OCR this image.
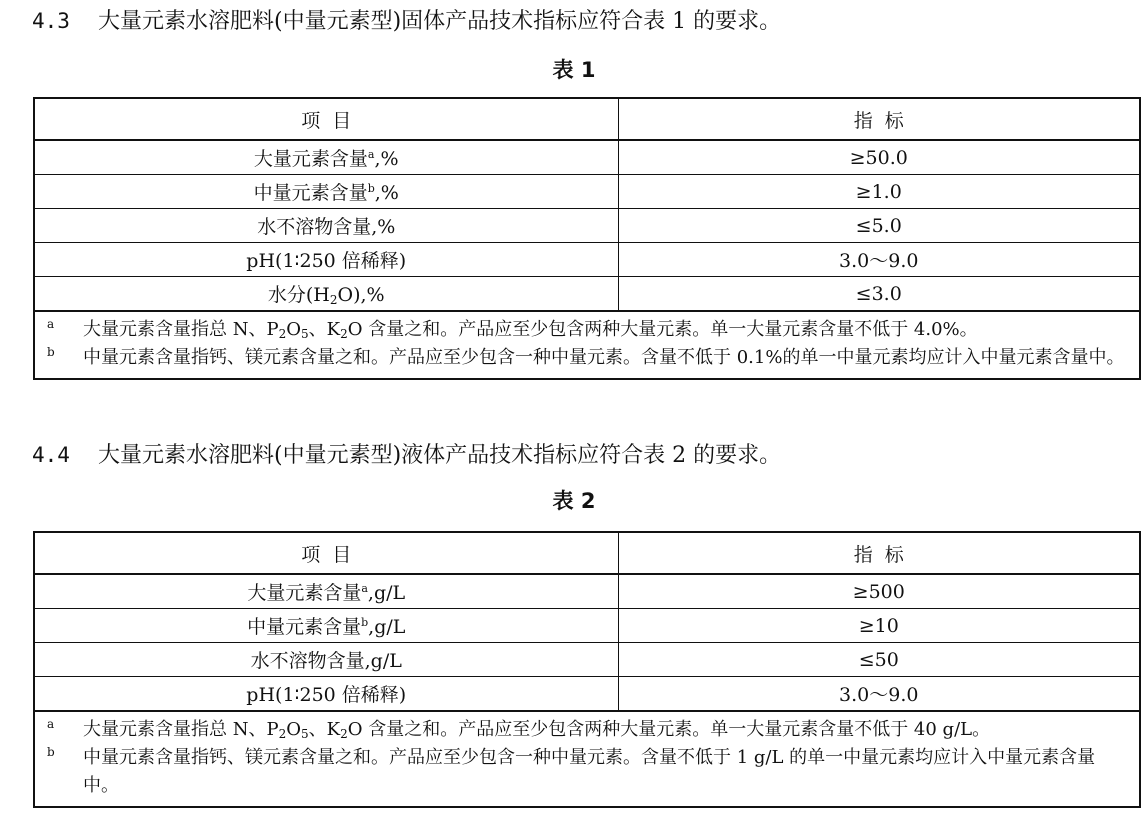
4.3 大量元素水溶肥料(中量元素型)固体产品技术指标应符合表 1 的要求。
表 1
项  目	指  标
大量元素含量$^a$,%	≥50.0
中量元素含量$^b$,%	≥1.0
水不溶物含量,%	≤5.0
pH(1∶250 倍稀释)	3.0～9.0
水分$(H_2O),\%$	≤3.0

a 大量元素含量指总 N、$P_2O_5$、$K_2O$ 含量之和。产品应至少包含两种大量元素。单一大量元素含量不低于 4.0%。
b 中量元素含量指钙、镁元素含量之和。产品应至少包含一种中量元素。含量不低于 0.1%的单一中量元素均应计入中量元素含量中。	
4.4 大量元素水溶肥料(中量元素型)液体产品技术指标应符合表 2 的要求。
表 2
项  目	指  标
大量元素含量$^a$,g/L	≥500
中量元素含量$^b$,g/L	≥10
水不溶物含量,g/L	≤50
pH(1∶250 倍稀释)	3.0～9.0

a 大量元素含量指总 N、$P_2O_5$、$K_2O$ 含量之和。产品应至少包含两种大量元素。单一大量元素含量不低于 40 g/L。
b 中量元素含量指钙、镁元素含量之和。产品应至少包含一种中量元素。含量不低于 1 g/L 的单一中量元素均应计入中量元素含量中。	
